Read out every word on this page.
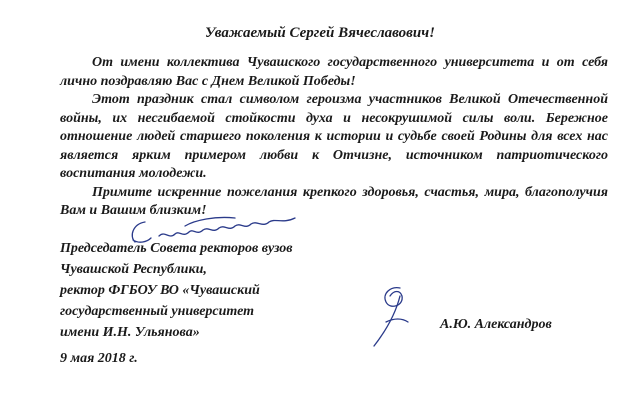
Уважаемый Сергей Вячеславович!

От имени коллектива Чувашского государственного университета и от себя лично поздравляю Вас с Днем Великой Победы!

Этот праздник стал символом героизма участников Великой Отечественной войны, их несгибаемой стойкости духа и несокрушимой силы воли. Бережное отношение людей старшего поколения к истории и судьбе своей Родины для всех нас является ярким примером любви к Отчизне, источником патриотического воспитания молодежи.

Примите искренние пожелания крепкого здоровья, счастья, мира, благополучия Вам и Вашим близким!

Председатель Совета ректоров вузов
Чувашской Республики,
ректор ФГБОУ ВО «Чувашский
государственный университет
имени И.Н. Ульянова»
А.Ю. Александров
9 мая 2018 г.
